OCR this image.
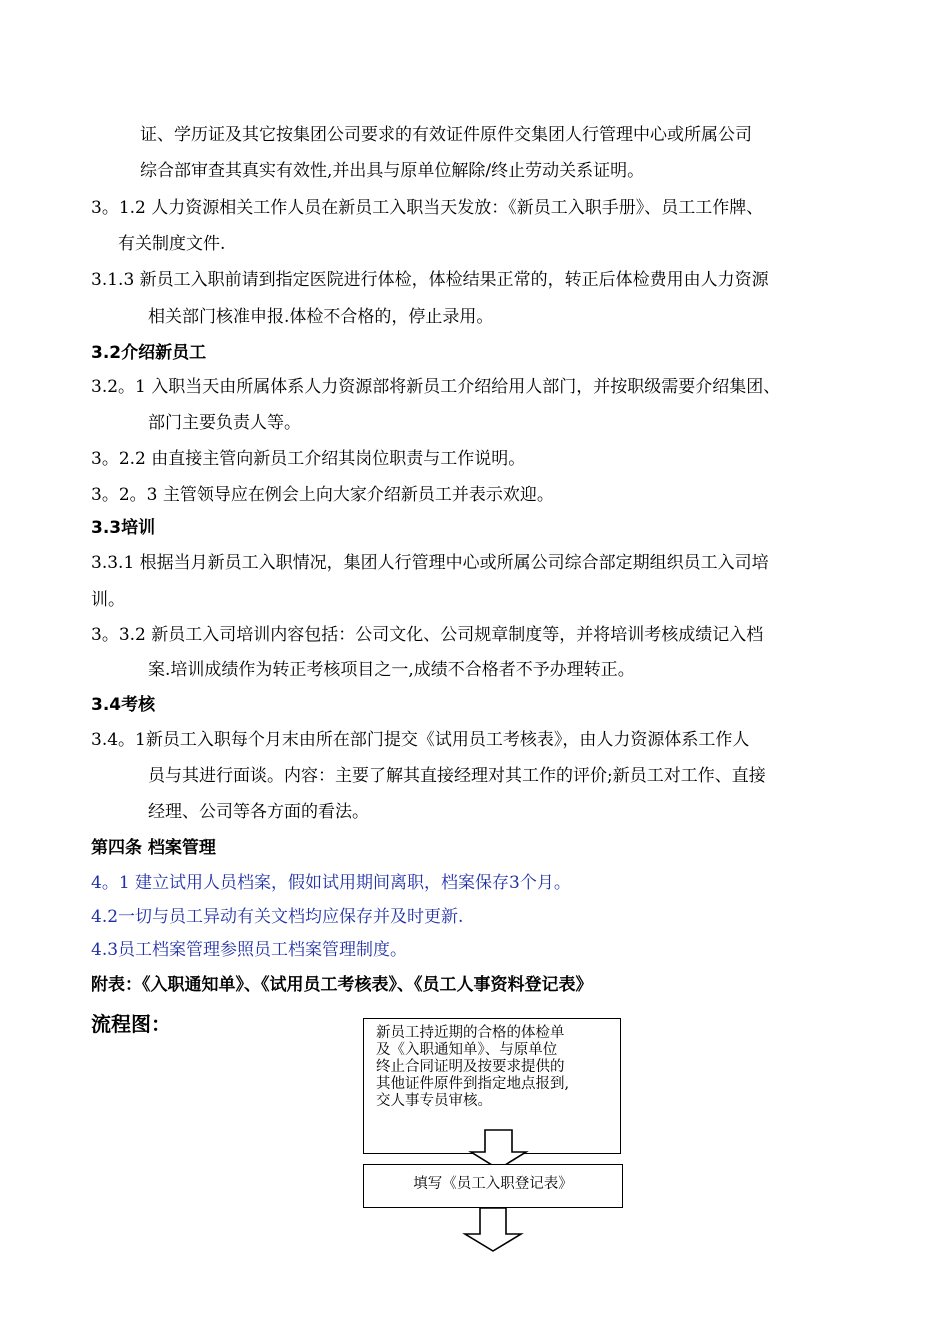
证、学历证及其它按集团公司要求的有效证件原件交集团人行管理中心或所属公司
综合部审查其真实有效性,并出具与原单位解除/终止劳动关系证明。
3。1.2 人力资源相关工作人员在新员工入职当天发放：《新员工入职手册》、员工工作牌、
有关制度文件.
3.1.3 新员工入职前请到指定医院进行体检，体检结果正常的，转正后体检费用由人力资源
相关部门核准申报.体检不合格的，停止录用。
3.2介绍新员工
3.2。1 入职当天由所属体系人力资源部将新员工介绍给用人部门，并按职级需要介绍集团、
部门主要负责人等。
3。2.2 由直接主管向新员工介绍其岗位职责与工作说明。
3。2。3 主管领导应在例会上向大家介绍新员工并表示欢迎。
3.3培训
3.3.1 根据当月新员工入职情况，集团人行管理中心或所属公司综合部定期组织员工入司培
训。
3。3.2 新员工入司培训内容包括：公司文化、公司规章制度等，并将培训考核成绩记入档
案.培训成绩作为转正考核项目之一,成绩不合格者不予办理转正。
3.4考核
3.4。1新员工入职每个月末由所在部门提交《试用员工考核表》，由人力资源体系工作人
员与其进行面谈。内容：主要了解其直接经理对其工作的评价;新员工对工作、直接
经理、公司等各方面的看法。
第四条 档案管理
4。1 建立试用人员档案，假如试用期间离职，档案保存3个月。
4.2一切与员工异动有关文档均应保存并及时更新.
4.3员工档案管理参照员工档案管理制度。
附表：《入职通知单》、《试用员工考核表》、《员工人事资料登记表》
流程图：	新员工持近期的合格的体检单
及《入职通知单》、与原单位
终止合同证明及按要求提供的
其他证件原件到指定地点报到,
交人事专员审核。
填写《员工入职登记表》
